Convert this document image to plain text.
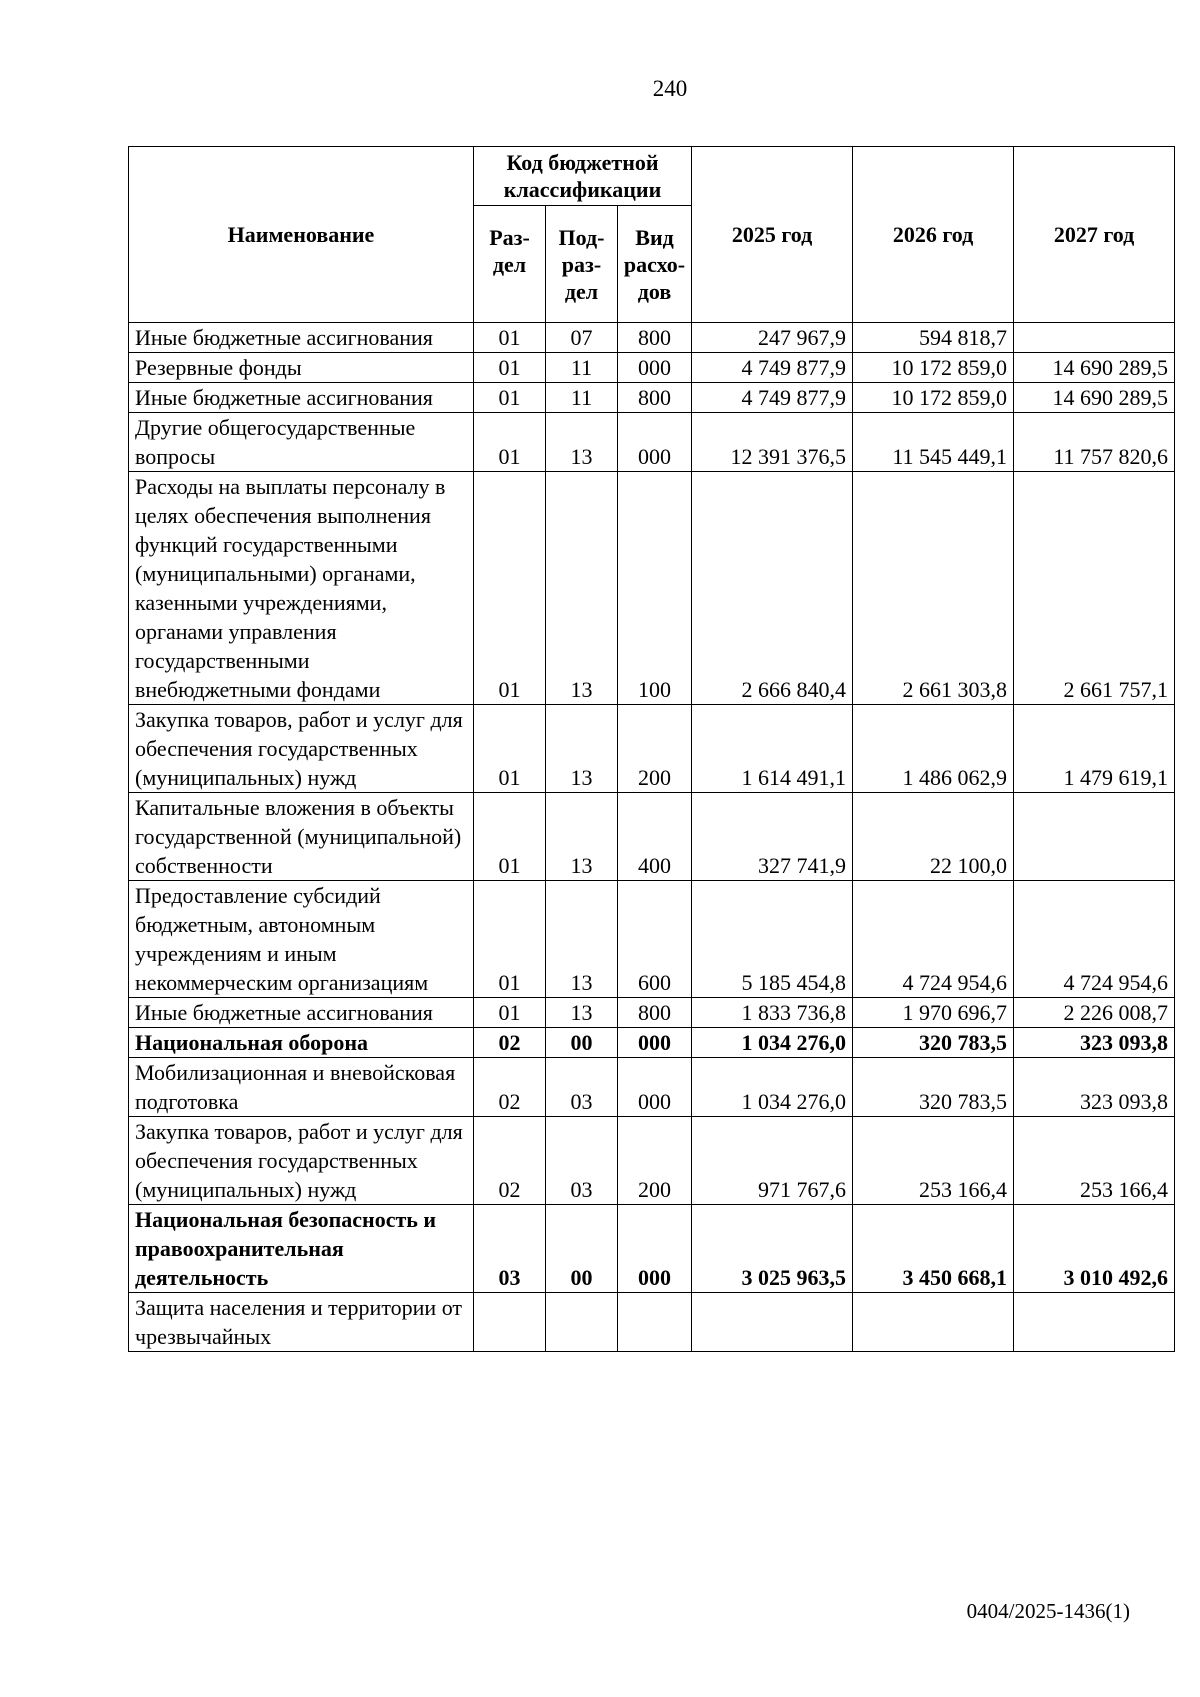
240
Наименование	Код бюджетной классификации			2025 год	2026 год	2027 год
	Раз-дел	Под-раз-дел	Вид расхо-дов			
Иные бюджетные ассигнования	01	07	800	247 967,9	594 818,7	
Резервные фонды	01	11	000	4 749 877,9	10 172 859,0	14 690 289,5
Иные бюджетные ассигнования	01	11	800	4 749 877,9	10 172 859,0	14 690 289,5
Другие общегосударственные вопросы	01	13	000	12 391 376,5	11 545 449,1	11 757 820,6
Расходы на выплаты персоналу в целях обеспечения выполнения функций государственными (муниципальными) органами, казенными учреждениями, органами управления государственными внебюджетными фондами	01	13	100	2 666 840,4	2 661 303,8	2 661 757,1
Закупка товаров, работ и услуг для обеспечения государственных (муниципальных) нужд	01	13	200	1 614 491,1	1 486 062,9	1 479 619,1
Капитальные вложения в объекты государственной (муниципальной) собственности	01	13	400	327 741,9	22 100,0	
Предоставление субсидий бюджетным, автономным учреждениям и иным некоммерческим организациям	01	13	600	5 185 454,8	4 724 954,6	4 724 954,6
Иные бюджетные ассигнования	01	13	800	1 833 736,8	1 970 696,7	2 226 008,7
Национальная оборона	02	00	000	1 034 276,0	320 783,5	323 093,8
Мобилизационная и вневойсковая подготовка	02	03	000	1 034 276,0	320 783,5	323 093,8
Закупка товаров, работ и услуг для обеспечения государственных (муниципальных) нужд	02	03	200	971 767,6	253 166,4	253 166,4
Национальная безопасность и правоохранительная деятельность	03	00	000	3 025 963,5	3 450 668,1	3 010 492,6
Защита населения и территории от чрезвычайных						
0404/2025-1436(1)
